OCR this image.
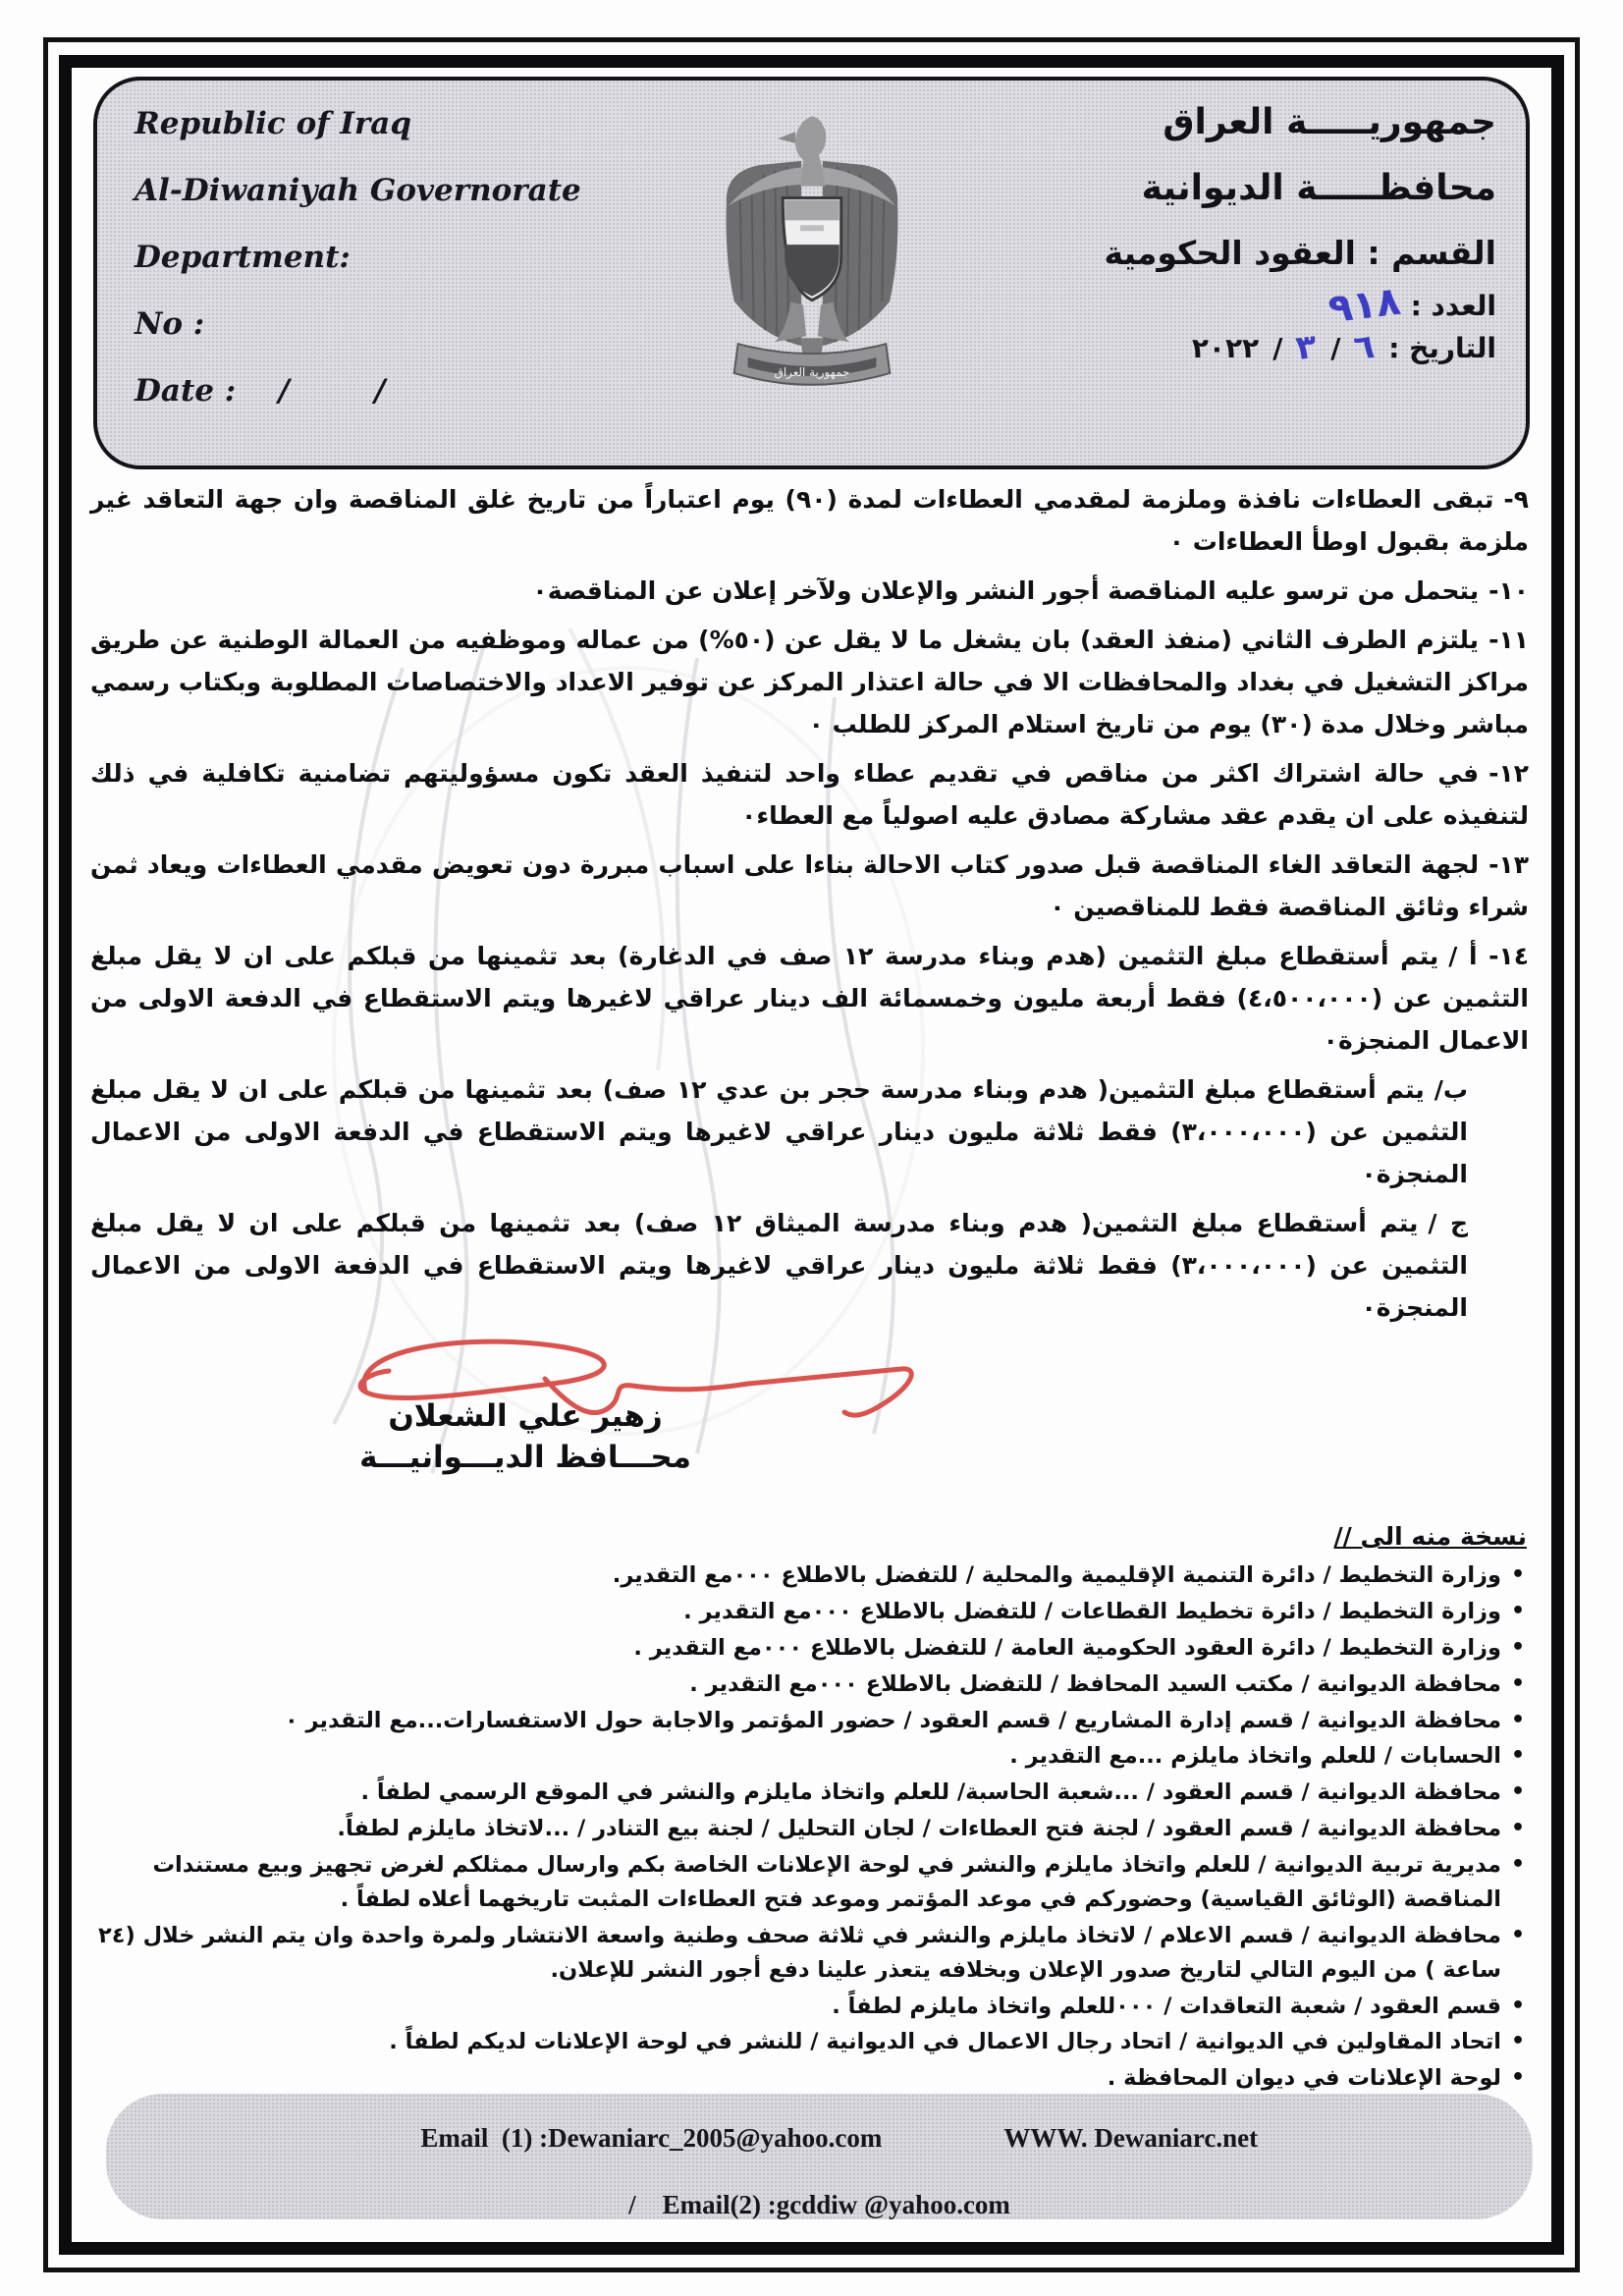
Republic of Iraq

Al-Diwaniyah Governorate

Department:

No :

Date : /        /

جمهورية العراق

جمهوريـــــة العراق

محافظـــــة الديوانية

القسم : العقود الحكومية

العدد :
٩١٨
التاريخ :
٦
/
٣
/
٢٠٢٢

٩-تبقى العطاءات نافذة وملزمة لمقدمي العطاءات لمدة (٩٠) يوم اعتباراً من تاريخ غلق المناقصة وان جهة التعاقد غير ملزمة بقبول اوطأ العطاءات ٠

١٠-يتحمل من ترسو عليه المناقصة أجور النشر والإعلان ولآخر إعلان عن المناقصة٠

١١-يلتزم الطرف الثاني (منفذ العقد) بان يشغل ما لا يقل عن (٥٠%) من عماله وموظفيه من العمالة الوطنية عن طريق مراكز التشغيل في بغداد والمحافظات الا في حالة اعتذار المركز عن توفير الاعداد والاختصاصات المطلوبة وبكتاب رسمي مباشر وخلال مدة (٣٠) يوم من تاريخ استلام المركز للطلب ٠

١٢-في حالة اشتراك اكثر من مناقص في تقديم عطاء واحد لتنفيذ العقد تكون مسؤوليتهم تضامنية تكافلية في ذلك لتنفيذه على ان يقدم عقد مشاركة مصادق عليه اصولياً مع العطاء٠

١٣-لجهة التعاقد الغاء المناقصة قبل صدور كتاب الاحالة بناءا على اسباب مبررة دون تعويض مقدمي العطاءات ويعاد ثمن شراء وثائق المناقصة فقط للمناقصين ٠

١٤- أ /يتم أستقطاع مبلغ التثمين (هدم وبناء مدرسة ١٢ صف في الدغارة) بعد تثمينها من قبلكم على ان لا يقل مبلغ التثمين عن (٤،٥٠٠،٠٠٠) فقط أربعة مليون وخمسمائة الف دينار عراقي لاغيرها ويتم الاستقطاع في الدفعة الاولى من الاعمال المنجزة٠

ب/يتم أستقطاع مبلغ التثمين( هدم وبناء مدرسة حجر بن عدي ١٢ صف) بعد تثمينها من قبلكم على ان لا يقل مبلغ التثمين عن (٣،٠٠٠،٠٠٠) فقط ثلاثة مليون دينار عراقي لاغيرها ويتم الاستقطاع في الدفعة الاولى من الاعمال المنجزة٠

ج /يتم أستقطاع مبلغ التثمين( هدم وبناء مدرسة الميثاق ١٢ صف) بعد تثمينها من قبلكم على ان لا يقل مبلغ التثمين عن (٣،٠٠٠،٠٠٠) فقط ثلاثة مليون دينار عراقي لاغيرها ويتم الاستقطاع في الدفعة الاولى من الاعمال المنجزة٠

زهير علي الشعلان

محـــافظ الديـــوانيـــة

نسخة منه الى //

• وزارة التخطيط / دائرة التنمية الإقليمية والمحلية / للتفضل بالاطلاع ٠٠٠مع التقدير.
• وزارة التخطيط / دائرة تخطيط القطاعات / للتفضل بالاطلاع ٠٠٠مع التقدير .
• وزارة التخطيط / دائرة العقود الحكومية العامة / للتفضل بالاطلاع ٠٠٠مع التقدير .
• محافظة الديوانية / مكتب السيد المحافظ / للتفضل بالاطلاع ٠٠٠مع التقدير .
• محافظة الديوانية / قسم إدارة المشاريع / قسم العقود / حضور المؤتمر والاجابة حول الاستفسارات...مع التقدير ٠
• الحسابات / للعلم واتخاذ مايلزم ...مع التقدير .
• محافظة الديوانية / قسم العقود / ...شعبة الحاسبة/ للعلم واتخاذ مايلزم والنشر في الموقع الرسمي لطفاً .
• محافظة الديوانية / قسم العقود / لجنة فتح العطاءات / لجان التحليل / لجنة بيع التنادر / ...لاتخاذ مايلزم لطفاً.
• مديرية تربية الديوانية / للعلم واتخاذ مايلزم والنشر في لوحة الإعلانات الخاصة بكم وارسال ممثلكم لغرض تجهيز وبيع مستندات المناقصة (الوثائق القياسية) وحضوركم في موعد المؤتمر وموعد فتح العطاءات المثبت تاريخهما أعلاه لطفاً .
• محافظة الديوانية / قسم الاعلام / لاتخاذ مايلزم والنشر في ثلاثة صحف وطنية واسعة الانتشار ولمرة واحدة وان يتم النشر خلال (٢٤ ساعة ) من اليوم التالي لتاريخ صدور الإعلان وبخلافه يتعذر علينا دفع أجور النشر للإعلان.
• قسم العقود / شعبة التعاقدات / ٠٠٠للعلم واتخاذ مايلزم لطفاً .
• اتحاد المقاولين في الديوانية / اتحاد رجال الاعمال في الديوانية / للنشر في لوحة الإعلانات لديكم لطفاً .
• لوحة الإعلانات في ديوان المحافظة .

Email  (1) :Dewaniarc_2005@yahoo.com	WWW. Dewaniarc.net

/    Email(2) :gcddiw @yahoo.com
